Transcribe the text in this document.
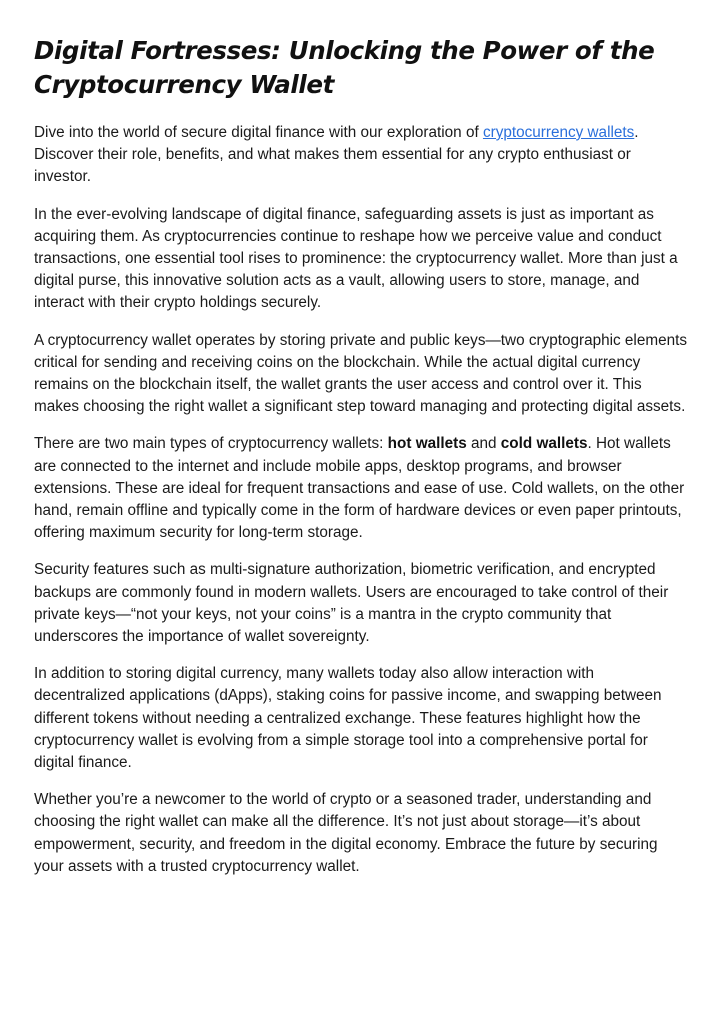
Digital Fortresses: Unlocking the Power of the Cryptocurrency Wallet

Dive into the world of secure digital finance with our exploration of cryptocurrency wallets. Discover their role, benefits, and what makes them essential for any crypto enthusiast or investor.

In the ever-evolving landscape of digital finance, safeguarding assets is just as important as acquiring them. As cryptocurrencies continue to reshape how we perceive value and conduct transactions, one essential tool rises to prominence: the cryptocurrency wallet. More than just a digital purse, this innovative solution acts as a vault, allowing users to store, manage, and interact with their crypto holdings securely.

A cryptocurrency wallet operates by storing private and public keys—two cryptographic elements critical for sending and receiving coins on the blockchain. While the actual digital currency remains on the blockchain itself, the wallet grants the user access and control over it. This makes choosing the right wallet a significant step toward managing and protecting digital assets.

There are two main types of cryptocurrency wallets: hot wallets and cold wallets. Hot wallets are connected to the internet and include mobile apps, desktop programs, and browser extensions. These are ideal for frequent transactions and ease of use. Cold wallets, on the other hand, remain offline and typically come in the form of hardware devices or even paper printouts, offering maximum security for long-term storage.

Security features such as multi-signature authorization, biometric verification, and encrypted backups are commonly found in modern wallets. Users are encouraged to take control of their private keys—“not your keys, not your coins” is a mantra in the crypto community that underscores the importance of wallet sovereignty.

In addition to storing digital currency, many wallets today also allow interaction with decentralized applications (dApps), staking coins for passive income, and swapping between different tokens without needing a centralized exchange. These features highlight how the cryptocurrency wallet is evolving from a simple storage tool into a comprehensive portal for digital finance.

Whether you’re a newcomer to the world of crypto or a seasoned trader, understanding and choosing the right wallet can make all the difference. It’s not just about storage—it’s about empowerment, security, and freedom in the digital economy. Embrace the future by securing your assets with a trusted cryptocurrency wallet.
